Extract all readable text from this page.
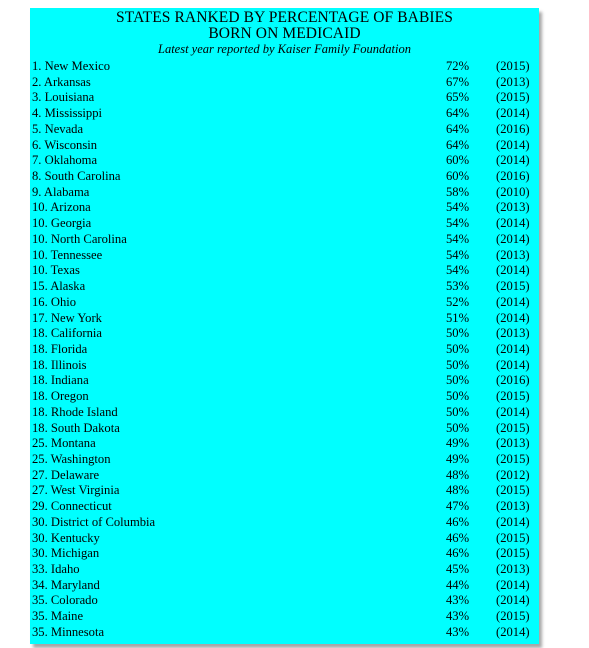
STATES RANKED BY PERCENTAGE OF BABIES
BORN ON MEDICAID
Latest year reported by Kaiser Family Foundation
1. New Mexico	72%	(2015)
2. Arkansas	67%	(2013)
3. Louisiana	65%	(2015)
4. Mississippi	64%	(2014)
5. Nevada	64%	(2016)
6. Wisconsin	64%	(2014)
7. Oklahoma	60%	(2014)
8. South Carolina	60%	(2016)
9. Alabama	58%	(2010)
10. Arizona	54%	(2013)
10. Georgia	54%	(2014)
10. North Carolina	54%	(2014)
10. Tennessee	54%	(2013)
10. Texas	54%	(2014)
15. Alaska	53%	(2015)
16. Ohio	52%	(2014)
17. New York	51%	(2014)
18. California	50%	(2013)
18. Florida	50%	(2014)
18. Illinois	50%	(2014)
18. Indiana	50%	(2016)
18. Oregon	50%	(2015)
18. Rhode Island	50%	(2014)
18. South Dakota	50%	(2015)
25. Montana	49%	(2013)
25. Washington	49%	(2015)
27. Delaware	48%	(2012)
27. West Virginia	48%	(2015)
29. Connecticut	47%	(2013)
30. District of Columbia	46%	(2014)
30. Kentucky	46%	(2015)
30. Michigan	46%	(2015)
33. Idaho	45%	(2013)
34. Maryland	44%	(2014)
35. Colorado	43%	(2014)
35. Maine	43%	(2015)
35. Minnesota	43%	(2014)
